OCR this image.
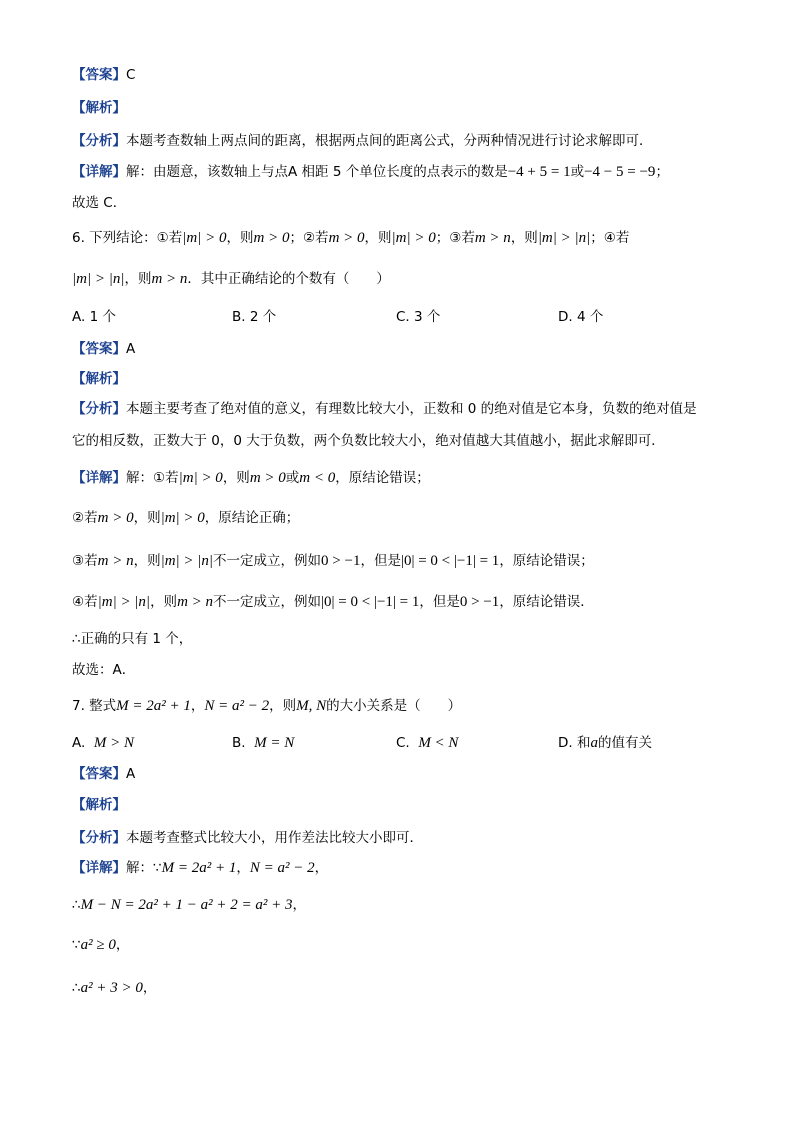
【答案】C
【解析】
【分析】本题考查数轴上两点间的距离，根据两点间的距离公式，分两种情况进行讨论求解即可．
【详解】解：由题意，该数轴上与点A 相距 5 个单位长度的点表示的数是−4 + 5 = 1或−4 − 5 = −9；
故选 C．
6. 下列结论：①若|m| > 0，则m > 0；②若m > 0，则|m| > 0；③若m > n，则|m| > |n|；④若
|m| > |n|，则m > n．其中正确结论的个数有（　　）
A. 1 个	B. 2 个	C. 3 个	D. 4 个
【答案】A
【解析】
【分析】本题主要考查了绝对值的意义，有理数比较大小，正数和 0 的绝对值是它本身，负数的绝对值是
它的相反数，正数大于 0，0 大于负数，两个负数比较大小，绝对值越大其值越小，据此求解即可．
【详解】解：①若|m| > 0，则m > 0或m < 0，原结论错误；
②若m > 0，则|m| > 0，原结论正确；
③若m > n，则|m| > |n|不一定成立，例如0 > −1，但是|0| = 0 < |−1| = 1，原结论错误；
④若|m| > |n|，则m > n不一定成立，例如|0| = 0 < |−1| = 1，但是0 > −1，原结论错误．
∴正确的只有 1 个，
故选：A．
7. 整式M = 2a² + 1，N = a² − 2，则M, N的大小关系是（　　）
A. M > N	B. M = N	C. M < N	D. 和a的值有关
【答案】A
【解析】
【分析】本题考查整式比较大小，用作差法比较大小即可．
【详解】解：∵M = 2a² + 1，N = a² − 2，
∴M − N = 2a² + 1 − a² + 2 = a² + 3，
∵a² ≥ 0，
∴a² + 3 > 0，
